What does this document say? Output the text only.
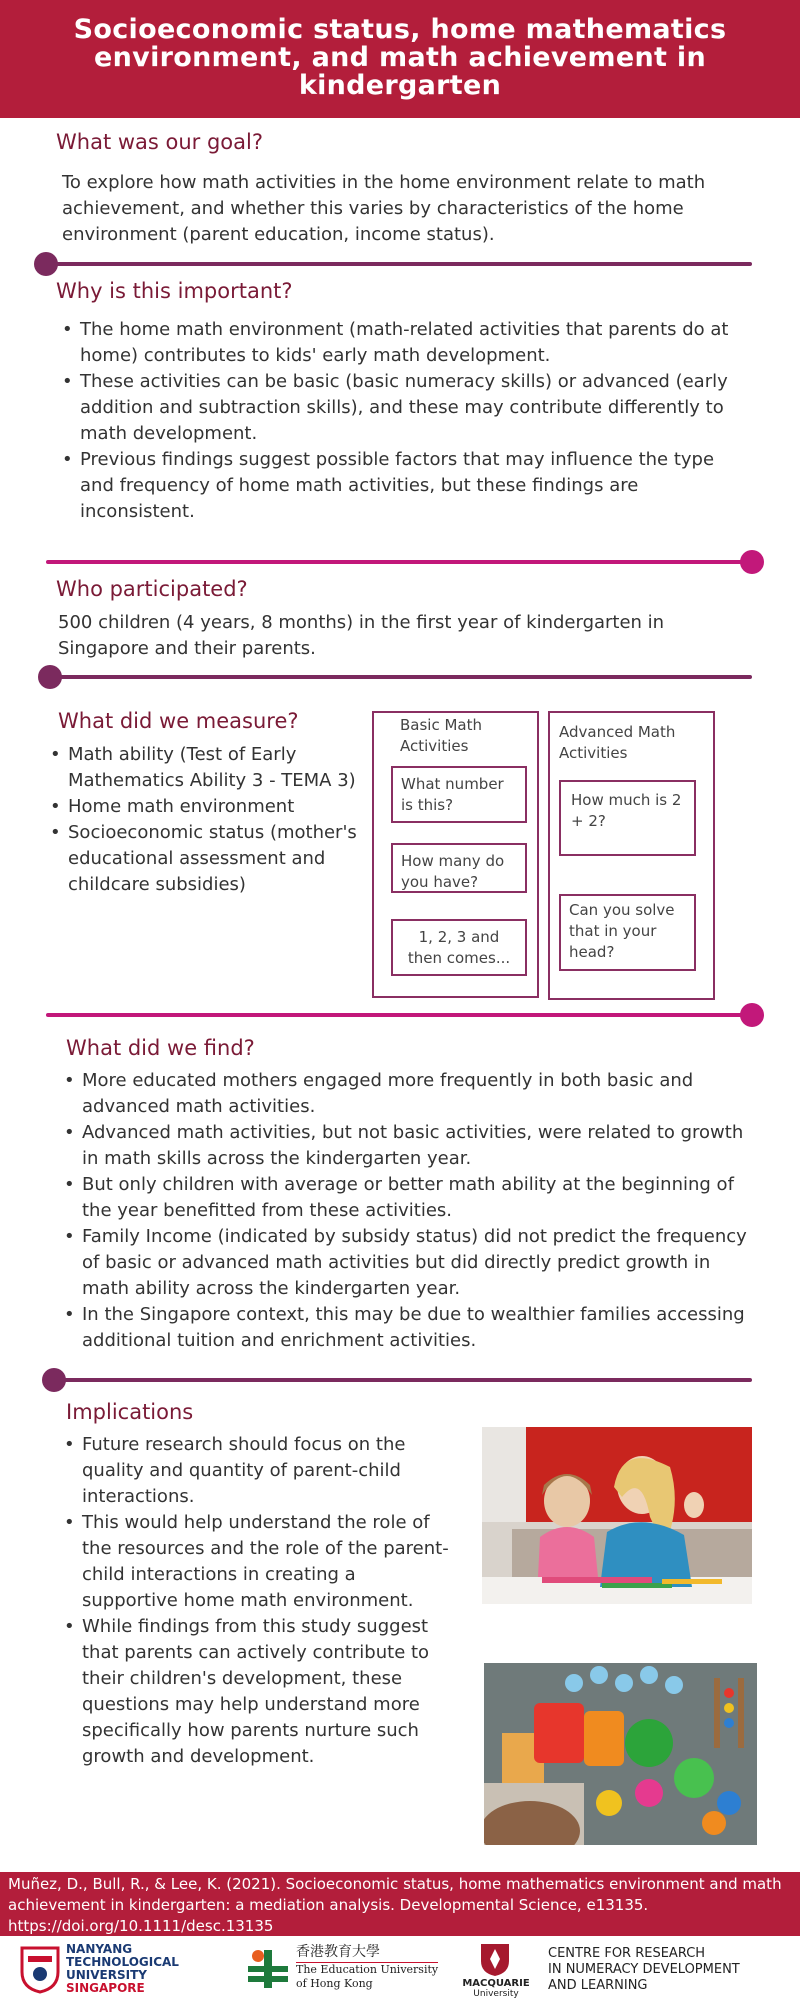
Socioeconomic status, home mathematics environment, and math achievement in kindergarten
What was our goal?

To explore how math activities in the home environment relate to math achievement, and whether this varies by characteristics of the home environment (parent education, income status).

Why is this important?
• The home math environment (math-related activities that parents do at home) contributes to kids' early math development.
• These activities can be basic (basic numeracy skills) or advanced (early addition and subtraction skills), and these may contribute differently to math development.
• Previous findings suggest possible factors that may influence the type and frequency of home math activities, but these findings are inconsistent.
Who participated?

500 children (4 years, 8 months) in the first year of kindergarten in Singapore and their parents.

What did we measure?
• Math ability (Test of Early Mathematics Ability 3 - TEMA 3)
• Home math environment
• Socioeconomic status (mother's educational assessment and childcare subsidies)
Basic Math Activities
What number is this?
How many do you have?
1, 2, 3 and then comes...
Advanced Math Activities
How much is 2 + 2?
Can you solve that in your head?
What did we find?
• More educated mothers engaged more frequently in both basic and advanced math activities.
• Advanced math activities, but not basic activities, were related to growth in math skills across the kindergarten year.
• But only children with average or better math ability at the beginning of the year benefitted from these activities.
• Family Income (indicated by subsidy status) did not predict the frequency of basic or advanced math activities but did directly predict growth in math ability across the kindergarten year.
• In the Singapore context, this may be due to wealthier families accessing additional tuition and enrichment activities.
Implications
• Future research should focus on the quality and quantity of parent-child interactions.
• This would help understand the role of the resources and the role of the parent-child interactions in creating a supportive home math environment.
• While findings from this study suggest that parents can actively contribute to their children's development, these questions may help understand more specifically how parents nurture such growth and development.
Muñez, D., Bull, R., & Lee, K. (2021). Socioeconomic status, home mathematics environment and math achievement in kindergarten: a mediation analysis. Developmental Science, e13135.
https://doi.org/10.1111/desc.13135
NANYANG
TECHNOLOGICAL
UNIVERSITY
SINGAPORE
香港教育大學
The Education University
of Hong Kong	MACQUARIE
University
CENTRE FOR RESEARCH
IN NUMERACY DEVELOPMENT
AND LEARNING
